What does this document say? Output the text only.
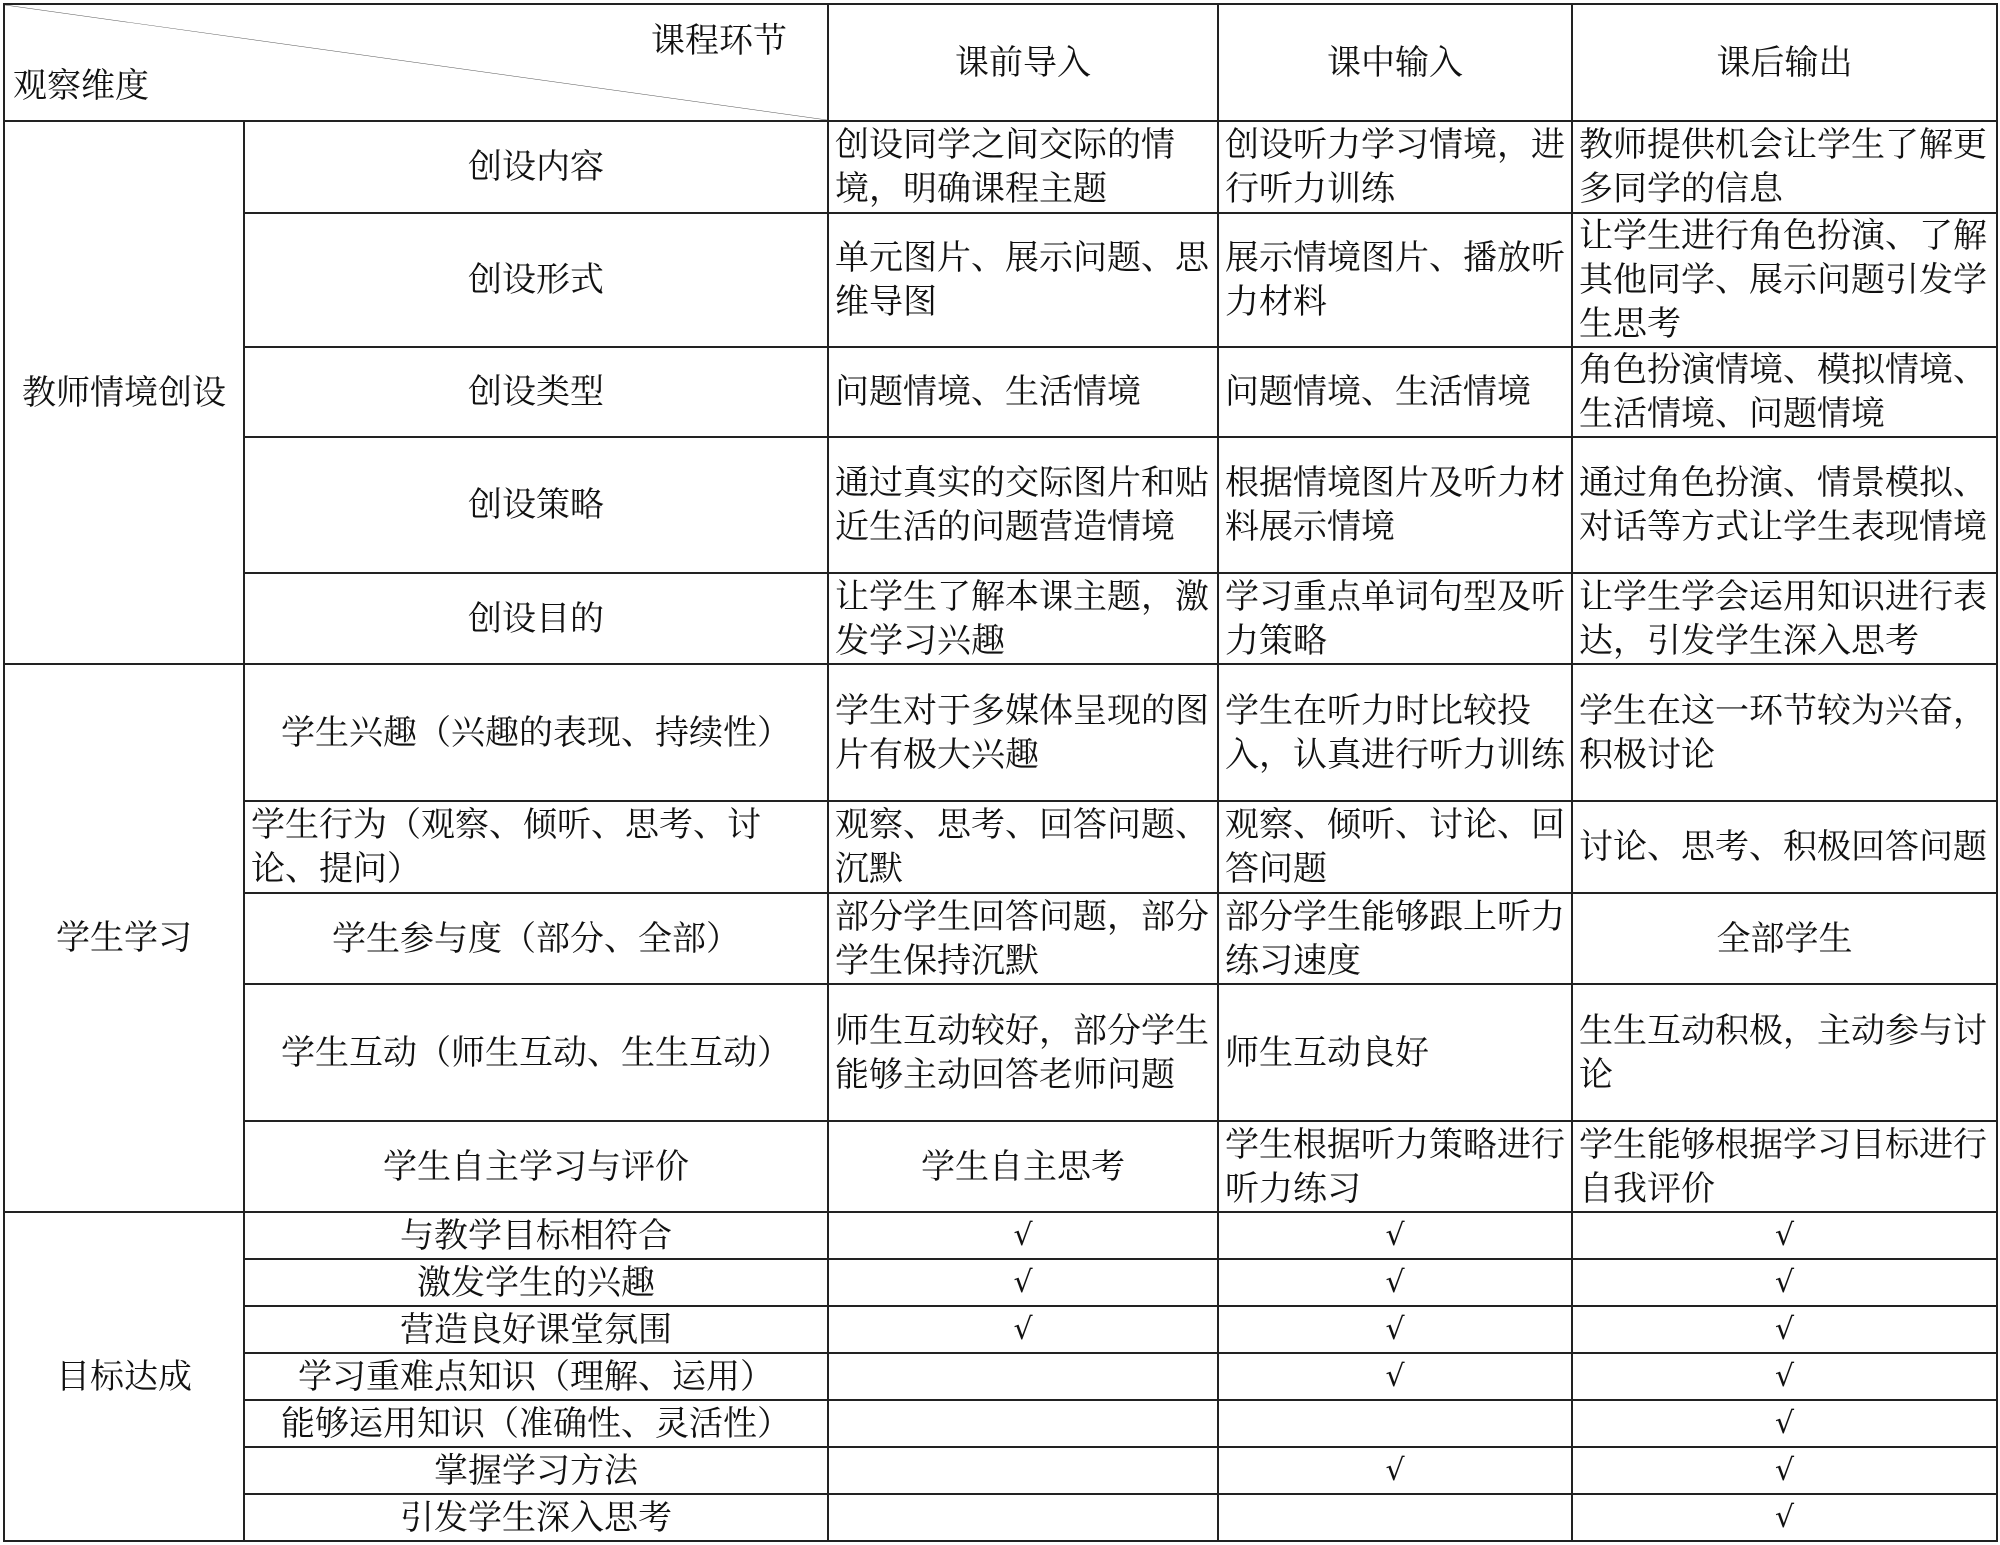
课程环节
观察维度		课前导入	课中输入	课后输出
教师情境创设	创设内容	创设同学之间交际的情境，明确课程主题	创设听力学习情境，进行听力训练	教师提供机会让学生了解更多同学的信息
	创设形式	单元图片、展示问题、思维导图	展示情境图片、播放听力材料	让学生进行角色扮演、了解其他同学、展示问题引发学生思考
	创设类型	问题情境、生活情境	问题情境、生活情境	角色扮演情境、模拟情境、生活情境、问题情境
	创设策略	通过真实的交际图片和贴近生活的问题营造情境	根据情境图片及听力材料展示情境	通过角色扮演、情景模拟、对话等方式让学生表现情境
	创设目的	让学生了解本课主题，激发学习兴趣	学习重点单词句型及听力策略	让学生学会运用知识进行表达，引发学生深入思考
学生学习	学生兴趣（兴趣的表现、持续性）	学生对于多媒体呈现的图片有极大兴趣	学生在听力时比较投入，认真进行听力训练	学生在这一环节较为兴奋，积极讨论
	学生行为（观察、倾听、思考、讨论、提问）	观察、思考、回答问题、沉默	观察、倾听、讨论、回答问题	讨论、思考、积极回答问题
	学生参与度（部分、全部）	部分学生回答问题，部分学生保持沉默	部分学生能够跟上听力练习速度	全部学生
	学生互动（师生互动、生生互动）	师生互动较好，部分学生能够主动回答老师问题	师生互动良好	生生互动积极，主动参与讨论
	学生自主学习与评价	学生自主思考	学生根据听力策略进行听力练习	学生能够根据学习目标进行自我评价
目标达成	与教学目标相符合	√	√	√
	激发学生的兴趣	√	√	√
	营造良好课堂氛围	√	√	√
	学习重难点知识（理解、运用）		√	√
	能够运用知识（准确性、灵活性）			√
	掌握学习方法		√	√
	引发学生深入思考			√
